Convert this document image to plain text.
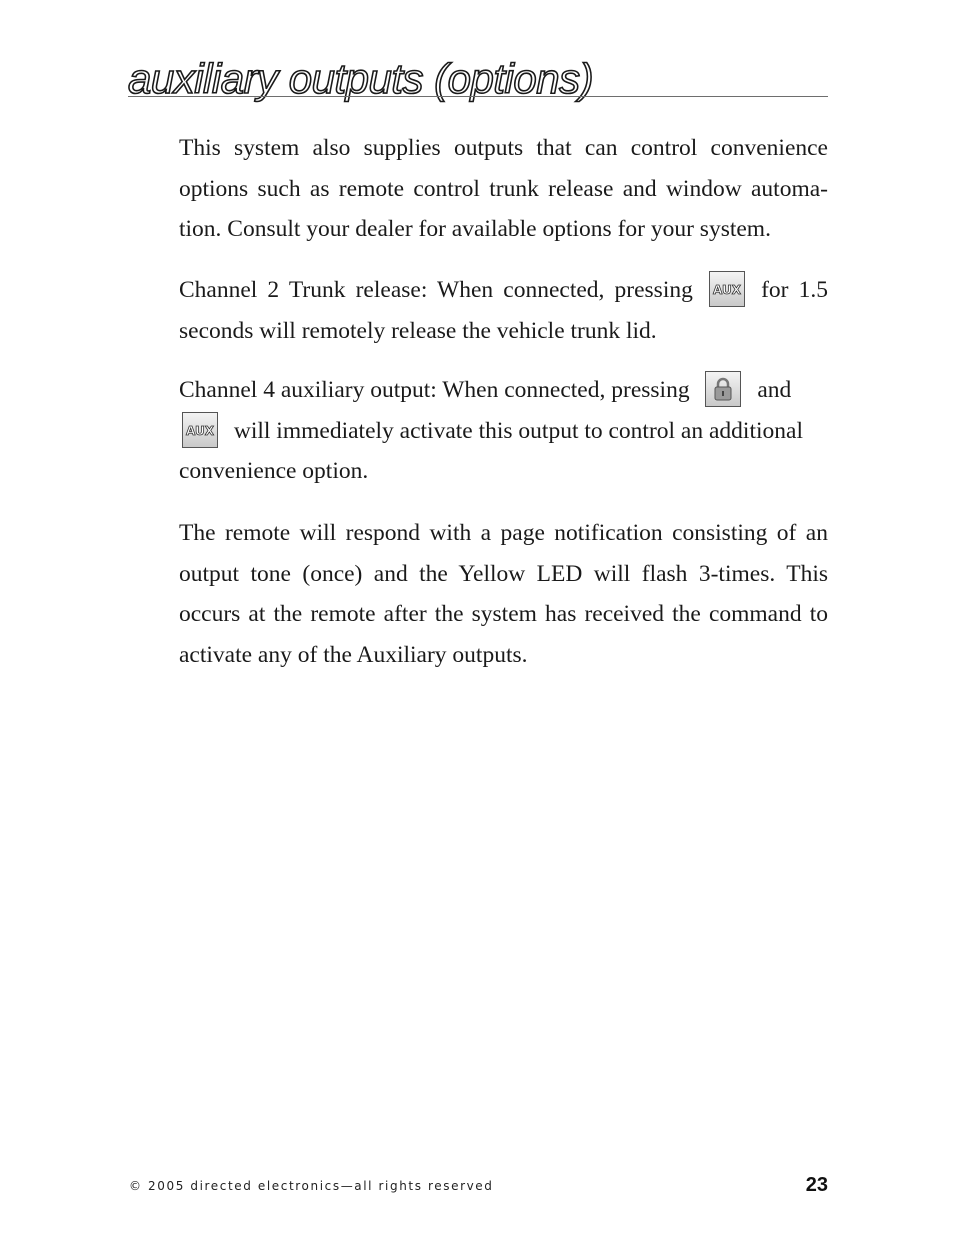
auxiliary outputs (options)

This system also supplies outputs that can control convenience options such as remote control trunk release and window automa-tion. Consult your dealer for available options for your system.

Channel 2 Trunk release: When connected, pressing AUX for 1.5 seconds will remotely release the vehicle trunk lid.

Channel 4 auxiliary output: When connected, pressing	and

AUX will immediately activate this output to control an additional convenience option.

The remote will respond with a page notification consisting of an output tone (once) and the Yellow LED will flash 3-times. This occurs at the remote after the system has received the command to activate any of the Auxiliary outputs.

© 2005 directed electronics—all rights reserved	23
